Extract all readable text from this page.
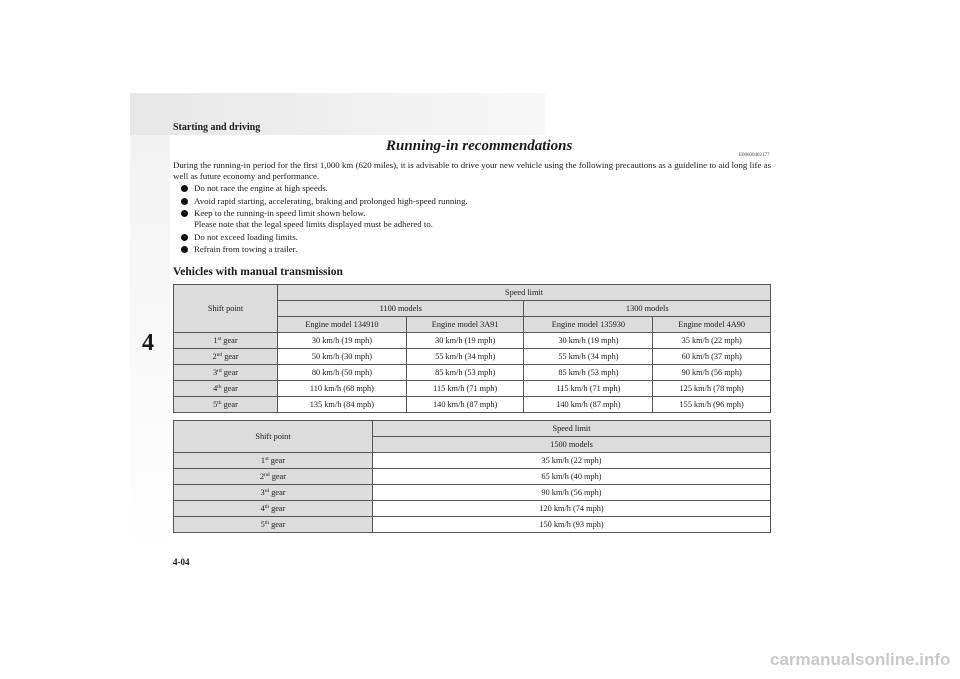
Starting and driving
4
Running-in recommendations
E00600402177
During the running-in period for the first 1,000 km (620 miles), it is advisable to drive your new vehicle using the following precautions as a guideline to aid long life as well as future economy and performance.
Do not race the engine at high speeds.
Avoid rapid starting, accelerating, braking and prolonged high-speed running.
Keep to the running-in speed limit shown below.
Please note that the legal speed limits displayed must be adhered to.
Do not exceed loading limits.
Refrain from towing a trailer.
Vehicles with manual transmission
Shift point	Speed limit			
	1100 models		1300 models	
	Engine model 134910	Engine model 3A91	Engine model 135930	Engine model 4A90
1st gear	30 km/h (19 mph)	30 km/h (19 mph)	30 km/h (19 mph)	35 km/h (22 mph)
2nd gear	50 km/h (30 mph)	55 km/h (34 mph)	55 km/h (34 mph)	60 km/h (37 mph)
3rd gear	80 km/h (50 mph)	85 km/h (53 mph)	85 km/h (53 mph)	90 km/h (56 mph)
4th gear	110 km/h (68 mph)	115 km/h (71 mph)	115 km/h (71 mph)	125 km/h (78 mph)
5th gear	135 km/h (84 mph)	140 km/h (87 mph)	140 km/h (87 mph)	155 km/h (96 mph)
Shift point	Speed limit
	1500 models
1st gear	35 km/h (22 mph)
2nd gear	65 km/h (40 mph)
3rd gear	90 km/h (56 mph)
4th gear	120 km/h (74 mph)
5th gear	150 km/h (93 mph)
4-04
carmanualsonline.info
